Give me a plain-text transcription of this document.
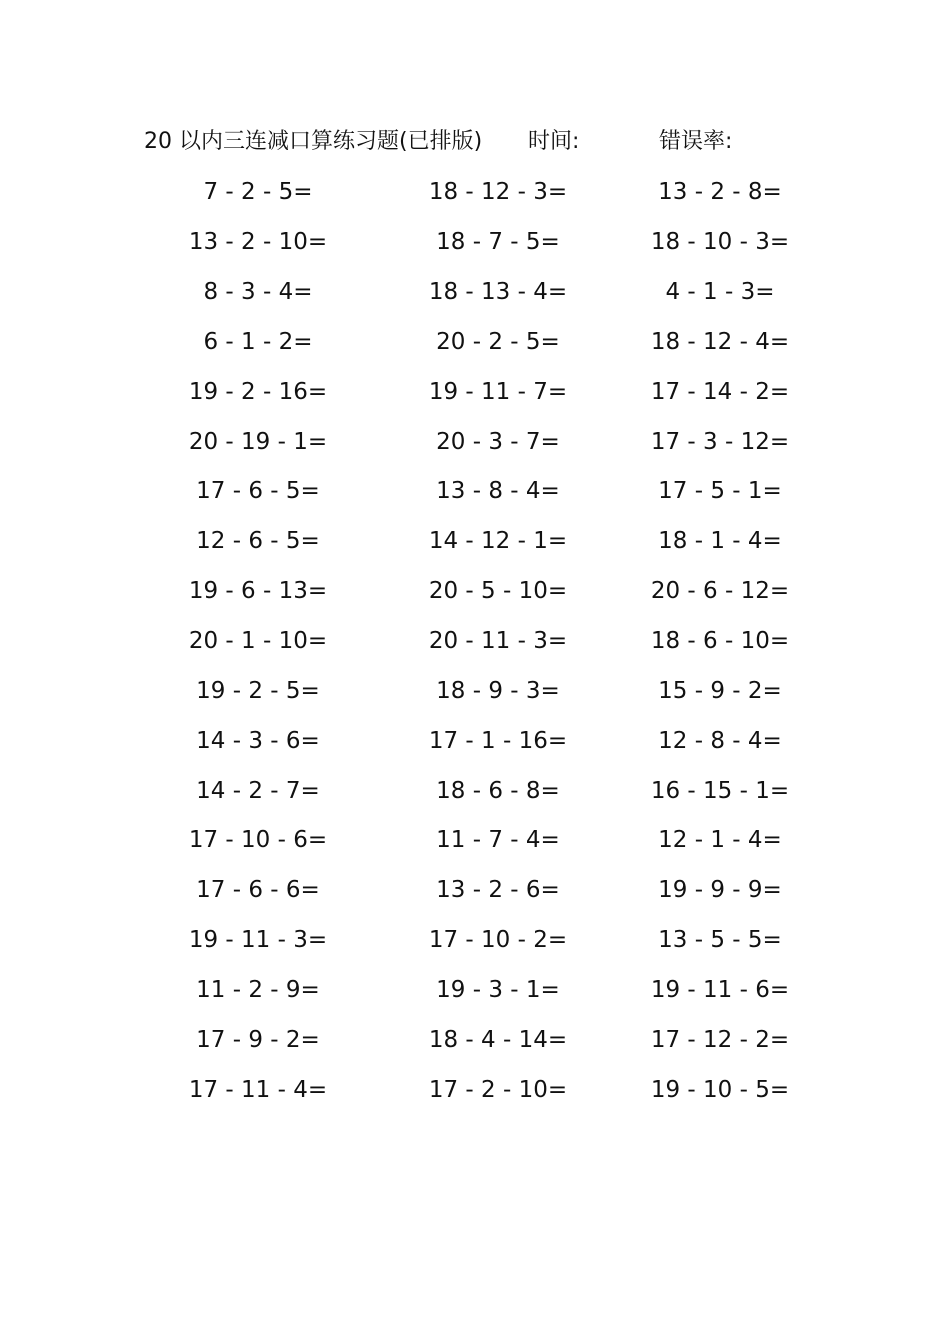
20 以内三连减口算练习题(已排版) 时间:	错误率:
7 - 2 - 5=	18 - 12 - 3=	13 - 2 - 8=
13 - 2 - 10=	18 - 7 - 5=	18 - 10 - 3=
8 - 3 - 4=	18 - 13 - 4=	4 - 1 - 3=
6 - 1 - 2=	20 - 2 - 5=	18 - 12 - 4=
19 - 2 - 16=	19 - 11 - 7=	17 - 14 - 2=
20 - 19 - 1=	20 - 3 - 7=	17 - 3 - 12=
17 - 6 - 5=	13 - 8 - 4=	17 - 5 - 1=
12 - 6 - 5=	14 - 12 - 1=	18 - 1 - 4=
19 - 6 - 13=	20 - 5 - 10=	20 - 6 - 12=
20 - 1 - 10=	20 - 11 - 3=	18 - 6 - 10=
19 - 2 - 5=	18 - 9 - 3=	15 - 9 - 2=
14 - 3 - 6=	17 - 1 - 16=	12 - 8 - 4=
14 - 2 - 7=	18 - 6 - 8=	16 - 15 - 1=
17 - 10 - 6=	11 - 7 - 4=	12 - 1 - 4=
17 - 6 - 6=	13 - 2 - 6=	19 - 9 - 9=
19 - 11 - 3=	17 - 10 - 2=	13 - 5 - 5=
11 - 2 - 9=	19 - 3 - 1=	19 - 11 - 6=
17 - 9 - 2=	18 - 4 - 14=	17 - 12 - 2=
17 - 11 - 4=	17 - 2 - 10=	19 - 10 - 5=
